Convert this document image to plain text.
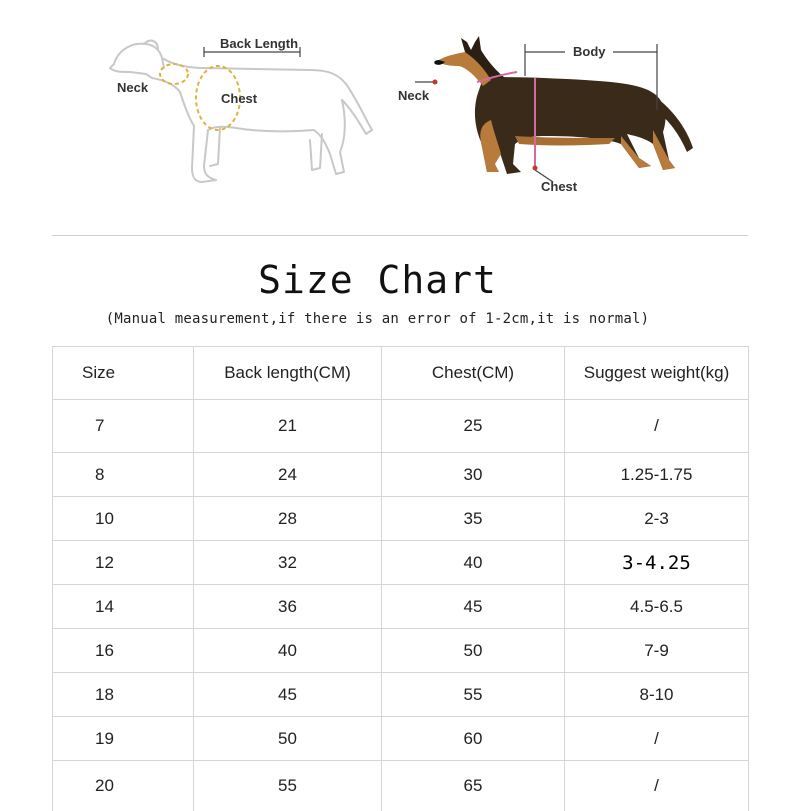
Back Length
Neck
Chest
Body
Neck
Chest
Size Chart
(Manual measurement,if there is an error of 1-2cm,it is normal)
Size	Back length(CM)	Chest(CM)	Suggest weight(kg)
7	21	25	/
8	24	30	1.25-1.75
10	28	35	2-3
12	32	40	3-4.25
14	36	45	4.5-6.5
16	40	50	7-9
18	45	55	8-10
19	50	60	/
20	55	65	/
